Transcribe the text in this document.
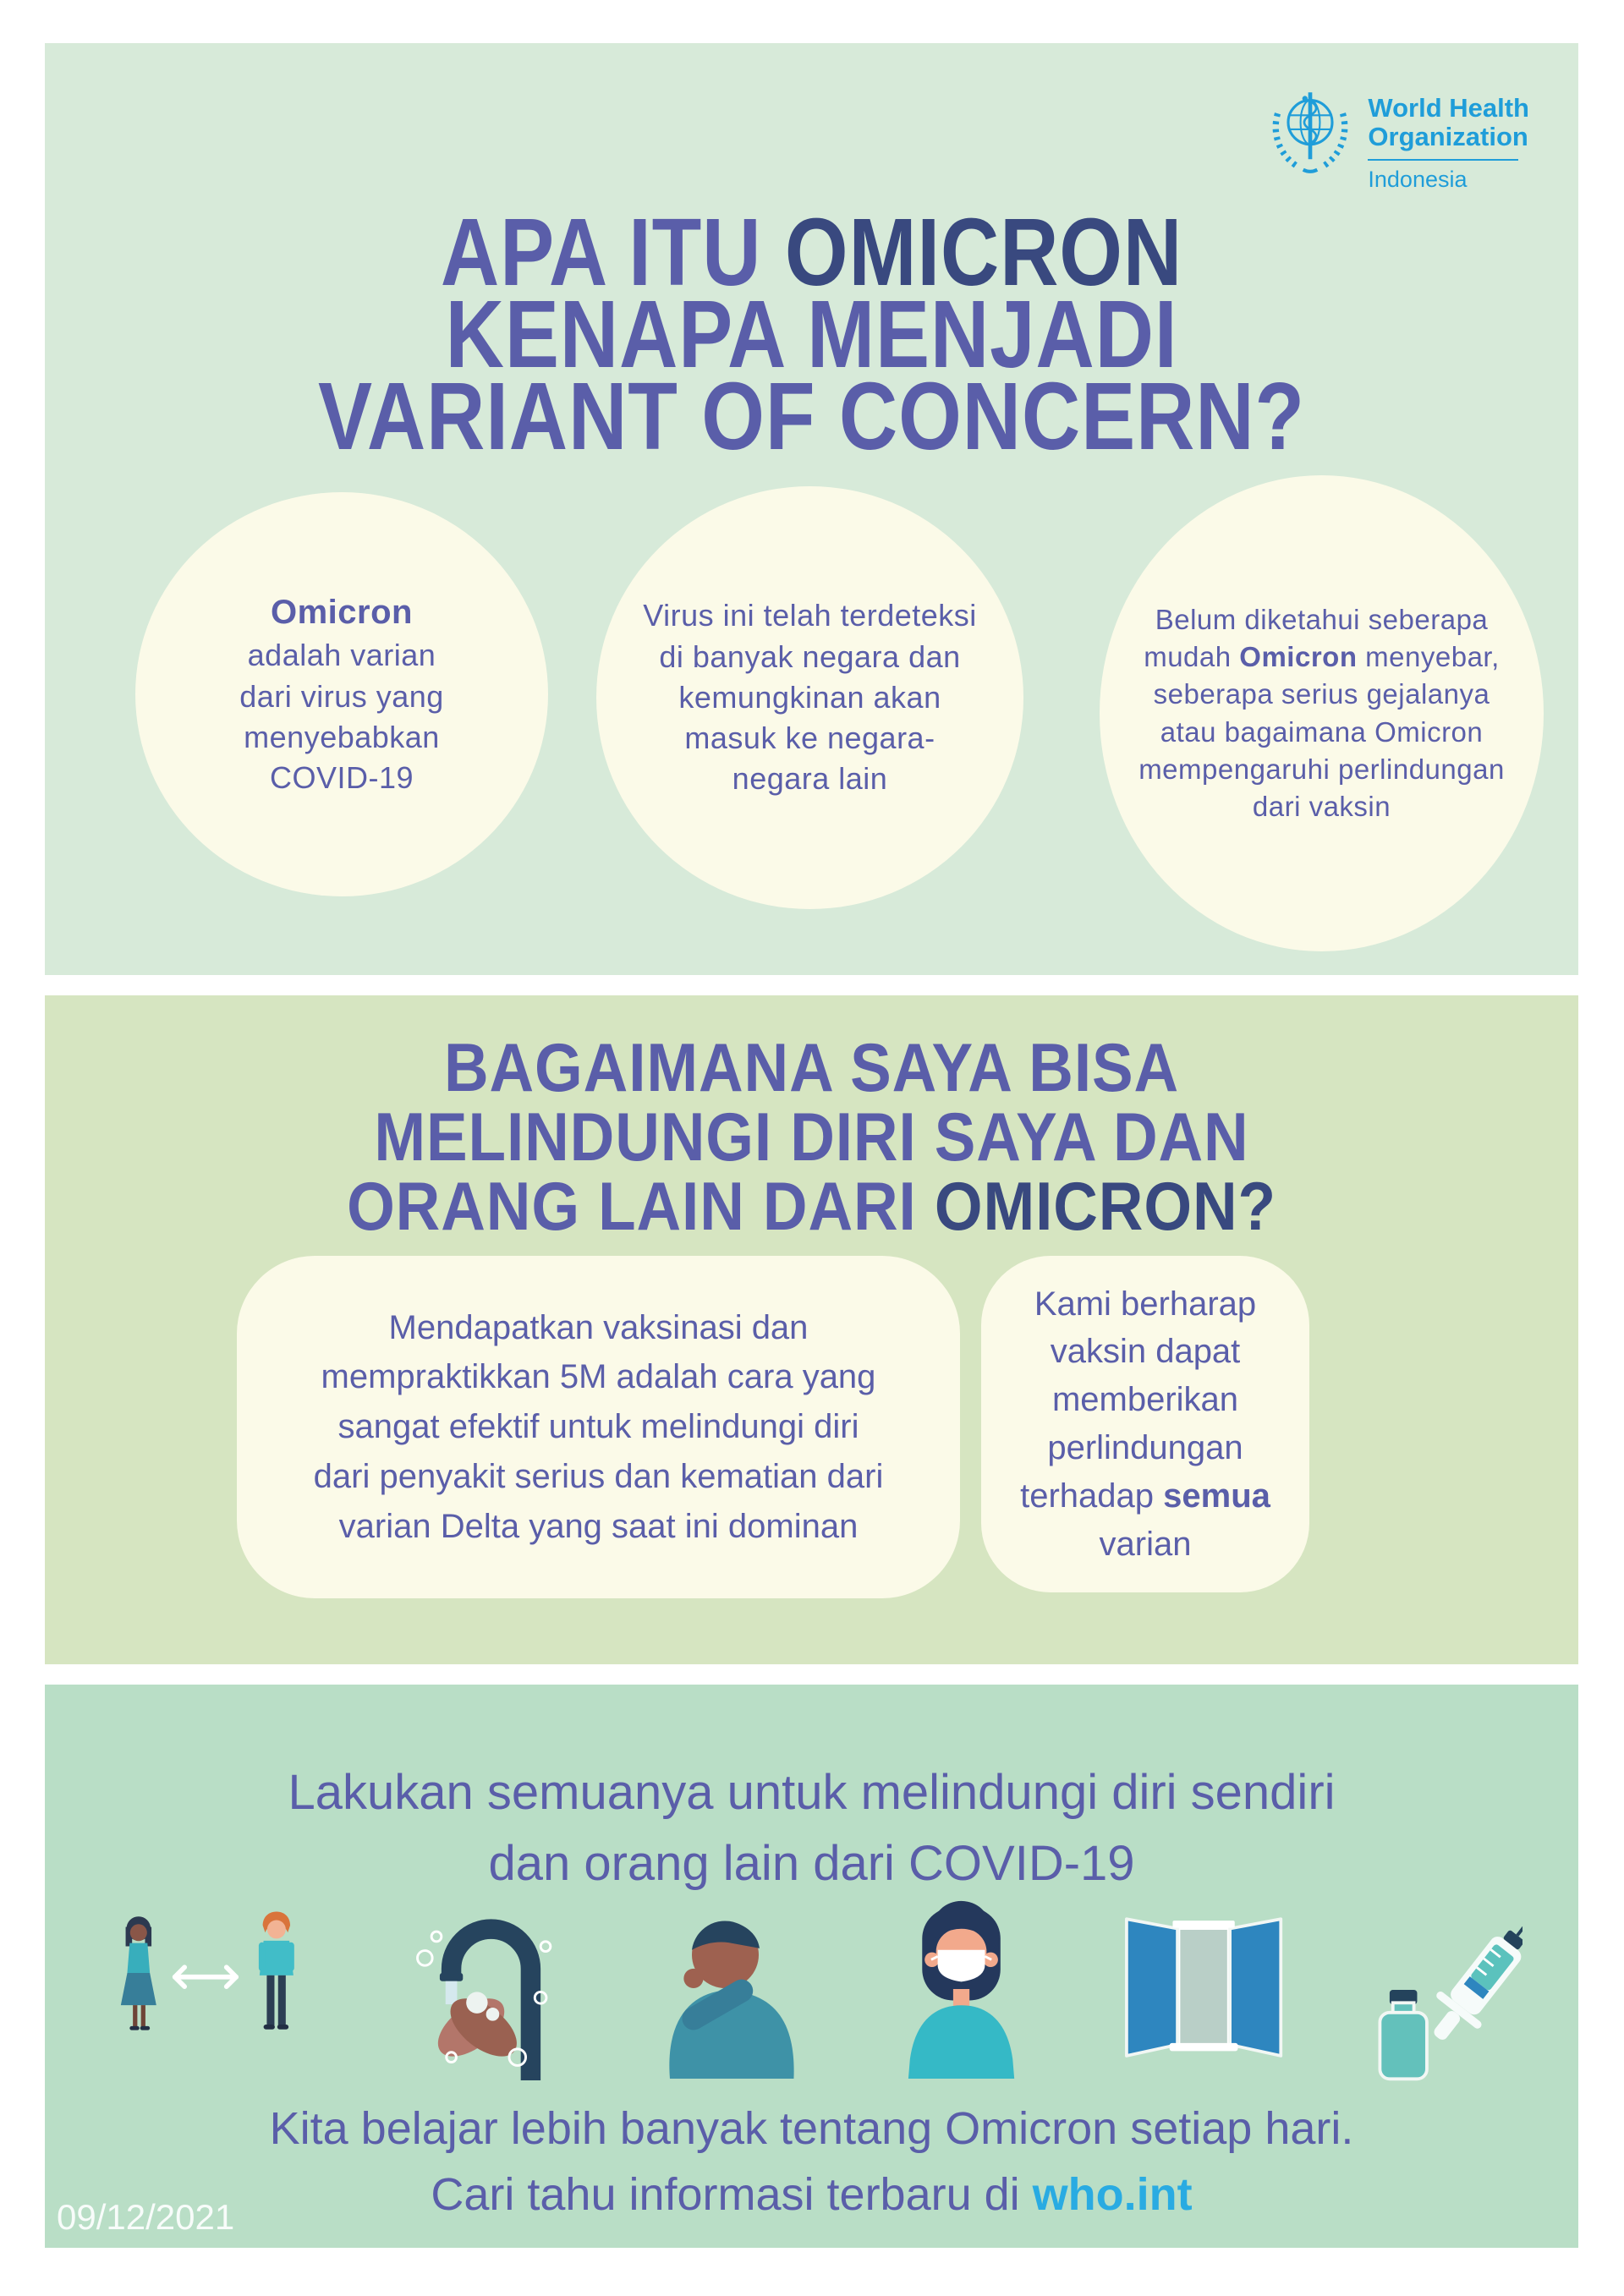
World Health
Organization
Indonesia
APA ITU OMICRON
KENAPA MENJADI
VARIANT OF CONCERN?

Omicron
adalah varian dari virus yang menyebabkan COVID-19

Virus ini telah terdeteksi di banyak negara dan kemungkinan akan masuk ke negara-negara lain

Belum diketahui seberapa mudah Omicron menyebar, seberapa serius gejalanya atau bagaimana Omicron mempengaruhi perlindungan dari vaksin

BAGAIMANA SAYA BISA
MELINDUNGI DIRI SAYA DAN
ORANG LAIN DARI OMICRON?

Mendapatkan vaksinasi dan mempraktikkan 5M adalah cara yang sangat efektif untuk melindungi diri dari penyakit serius dan kematian dari varian Delta yang saat ini dominan

Kami berharap vaksin dapat memberikan perlindungan terhadap semua varian

Lakukan semuanya untuk melindungi diri sendiri
dan orang lain dari COVID-19

Kita belajar lebih banyak tentang Omicron setiap hari.
Cari tahu informasi terbaru di who.int

09/12/2021
